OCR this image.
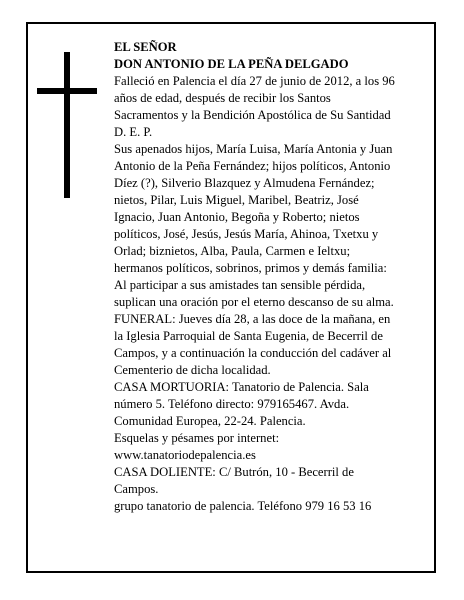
EL SEÑOR
DON ANTONIO DE LA PEÑA DELGADO
Falleció en Palencia el día 27 de junio de 2012, a los 96
años de edad, después de recibir los Santos
Sacramentos y la Bendición Apostólica de Su Santidad
D. E. P.
Sus apenados hijos, María Luisa, María Antonia y Juan
Antonio de la Peña Fernández; hijos políticos, Antonio
Díez (?), Silverio Blazquez y Almudena Fernández;
nietos, Pilar, Luis Miguel, Maribel, Beatriz, José
Ignacio, Juan Antonio, Begoña y Roberto; nietos
políticos, José, Jesús, Jesús María, Ahinoa, Txetxu y
Orlad; biznietos, Alba, Paula, Carmen e Ieltxu;
hermanos políticos, sobrinos, primos y demás familia:
Al participar a sus amistades tan sensible pérdida,
suplican una oración por el eterno descanso de su alma.
FUNERAL: Jueves día 28, a las doce de la mañana, en
la Iglesia Parroquial de Santa Eugenia, de Becerril de
Campos, y a continuación la conducción del cadáver al
Cementerio de dicha localidad.
CASA MORTUORIA: Tanatorio de Palencia. Sala
número 5. Teléfono directo: 979165467. Avda.
Comunidad Europea, 22-24. Palencia.
Esquelas y pésames por internet:
www.tanatoriodepalencia.es
CASA DOLIENTE: C/ Butrón, 10 - Becerril de
Campos.
grupo tanatorio de palencia. Teléfono 979 16 53 16
